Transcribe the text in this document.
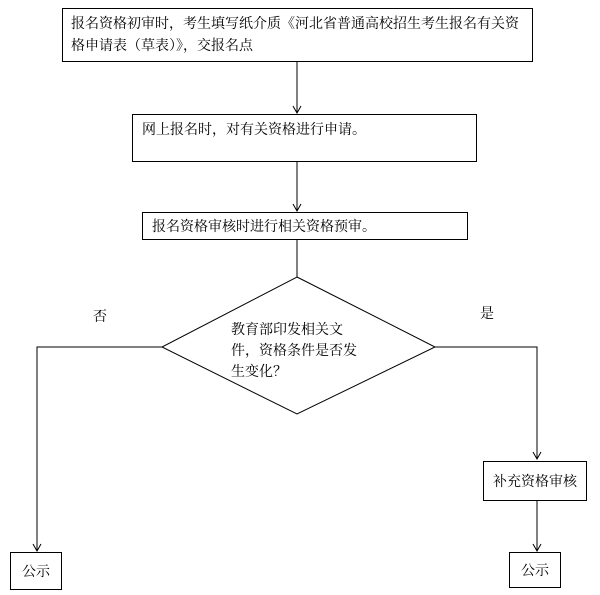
报名资格初审时，考生填写纸介质《河北省普通高校招生考生报名有关资
格申请表（草表）》，交报名点
网上报名时，对有关资格进行申请。
报名资格审核时进行相关资格预审。
教育部印发相关文
件，资格条件是否发
生变化？
否	是
补充资格审核
公示	公示
